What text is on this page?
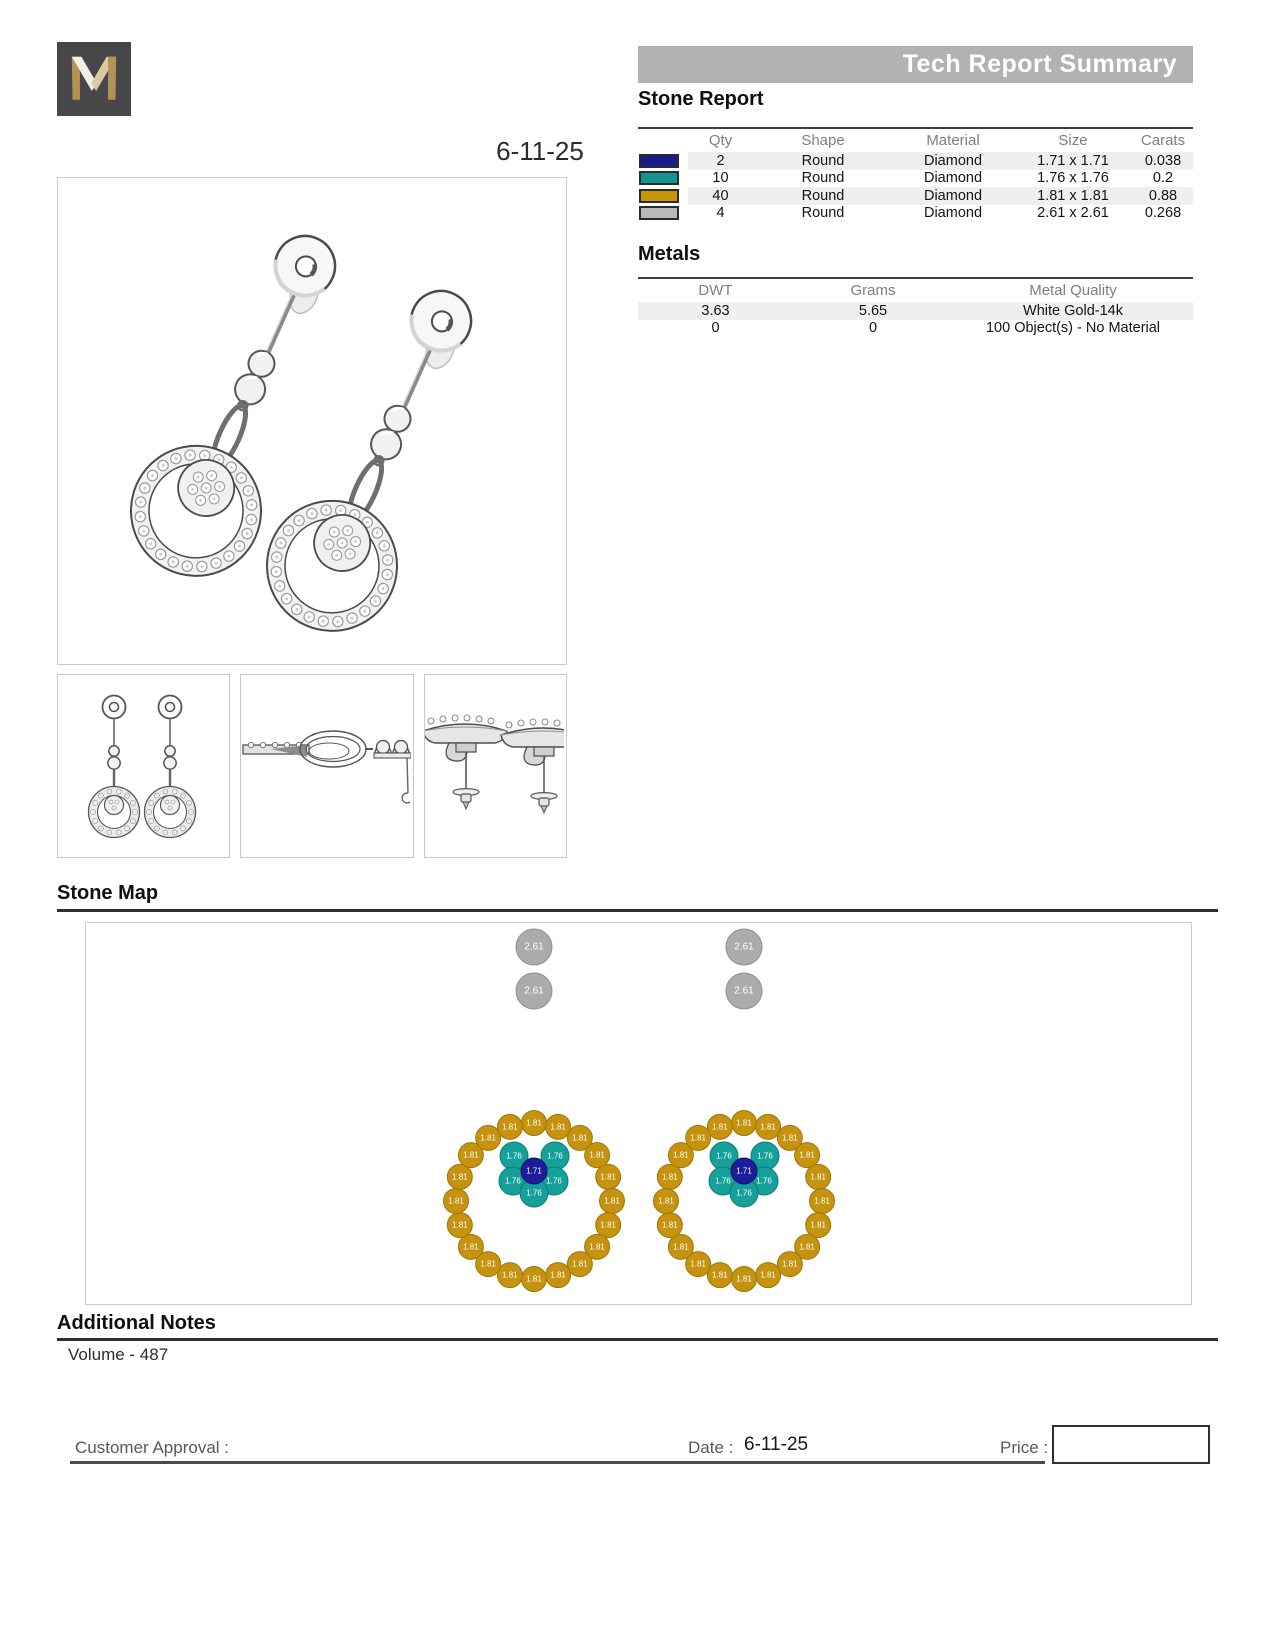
6-11-25
Tech Report Summary
Stone Report
Qty	Shape	Material	Size	Carats
2	Round	Diamond	1.71 x 1.71	0.038
10	Round	Diamond	1.76 x 1.76	0.2
40	Round	Diamond	1.81 x 1.81	0.88
4	Round	Diamond	2.61 x 2.61	0.268
Metals
DWT	Grams	Metal Quality
3.63	5.65	White Gold-14k
0	0	100 Object(s) - No Material
Stone Map
2.61
2.61
1.81 1.81
1.81
1.81
1.81
1.81
1.81
1.81
1.81
1.81
1.81
1.81
1.81
1.81
1.81
1.81
1.81
1.81
1.81
1.81
1.76	1.76
1.76	1.76
1.76
1.71
2.61
2.61
1.81 1.81
1.81
1.81
1.81
1.81
1.81
1.81
1.81
1.81
1.81
1.81
1.81
1.81
1.81
1.81
1.81
1.81
1.81
1.81
1.76	1.76
1.76	1.76
1.76
1.71
Additional Notes
Volume - 487
Customer Approval :	Date : 6-11-25	Price :
